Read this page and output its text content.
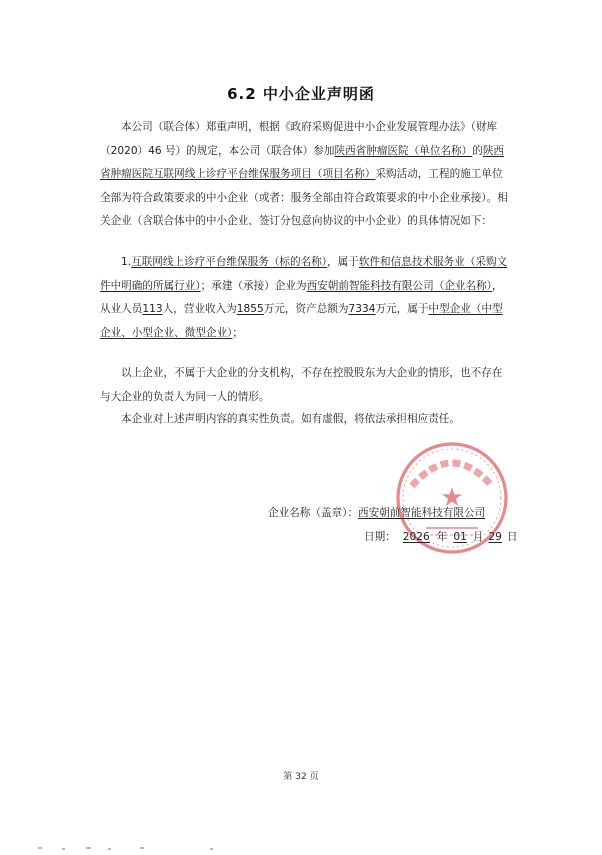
6.2 中小企业声明函
本公司（联合体）郑重声明，根据《政府采购促进中小企业发展管理办法》（财库（2020）46 号）的规定，本公司（联合体）参加陕西省肿瘤医院（单位名称）的陕西省肿瘤医院互联网线上诊疗平台维保服务项目（项目名称）采购活动，工程的施工单位全部为符合政策要求的中小企业（或者：服务全部由符合政策要求的中小企业承接）。相关企业（含联合体中的中小企业、签订分包意向协议的中小企业）的具体情况如下：
1.互联网线上诊疗平台维保服务（标的名称），属于软件和信息技术服务业（采购文件中明确的所属行业）；承建（承接）企业为西安朝前智能科技有限公司（企业名称），从业人员113人，营业收入为1855万元，资产总额为7334万元，属于中型企业（中型企业、小型企业、微型企业）；
以上企业，不属于大企业的分支机构，不存在控股股东为大企业的情形，也不存在与大企业的负责人为同一人的情形。
本企业对上述声明内容的真实性负责。如有虚假，将依法承担相应责任。
★
企业名称（盖章）：西安朝前智能科技有限公司
日期： 2026 年 01 月 29 日
第 32 页
